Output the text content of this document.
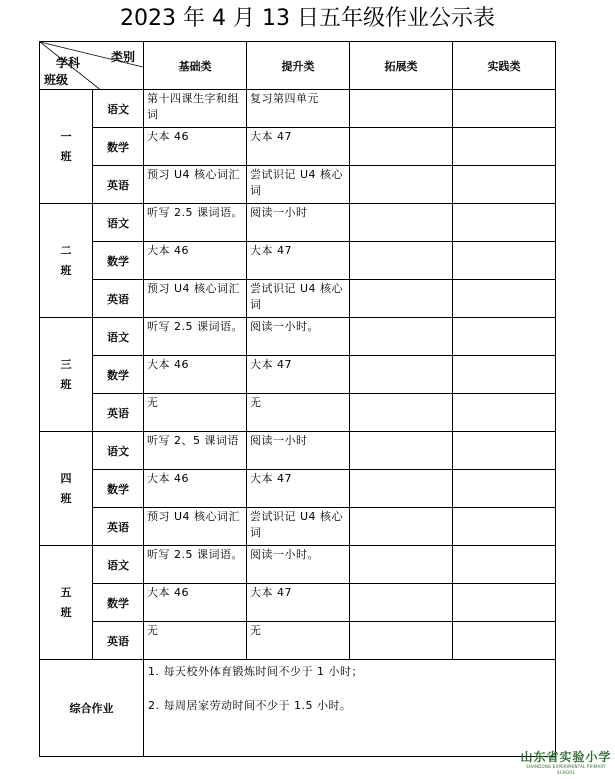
2023 年 4 月 13 日五年级作业公示表
类别
学科
班级		基础类	提升类	拓展类	实践类

一
班	语文	第十四课生字和组词	复习第四单元		
	数学	大本 46	大本 47		
	英语	预习 U4 核心词汇	尝试识记 U4 核心词		

二
班	语文	听写 2.5 课词语。	阅读一小时		
	数学	大本 46	大本 47		
	英语	预习 U4 核心词汇	尝试识记 U4 核心词		

三
班	语文	听写 2.5 课词语。	阅读一小时。		
	数学	大本 46	大本 47		
	英语	无	无		

四
班	语文	听写 2、5 课词语	阅读一小时		
	数学	大本 46	大本 47		
	英语	预习 U4 核心词汇	尝试识记 U4 核心词		

五
班	语文	听写 2.5 课词语。	阅读一小时。		
	数学	大本 46	大本 47		
	英语	无	无		
综合作业		1. 每天校外体育锻炼时间不少于 1 小时；

2. 每周居家劳动时间不少于 1.5 小时。			

山东省实验小学
SHANDONG EXPERIMENTAL PRIMARY SCHOOL
